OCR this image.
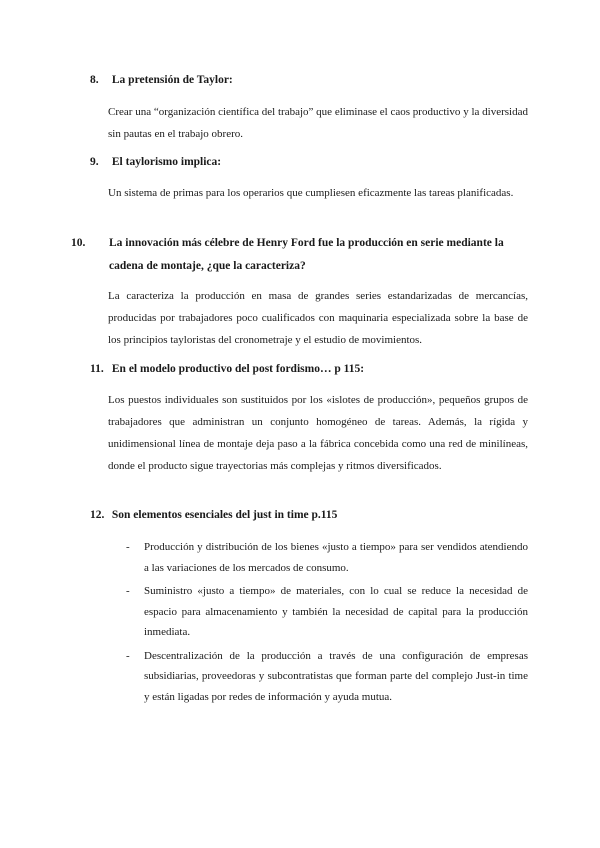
8. La pretensión de Taylor:

Crear una “organización científica del trabajo” que eliminase el caos productivo y la diversidad sin pautas en el trabajo obrero.

9. El taylorismo implica:

Un sistema de primas para los operarios que cumpliesen eficazmente las tareas planificadas.

10. La innovación más célebre de Henry Ford fue la producción en serie mediante la cadena de montaje, ¿que la caracteriza?

La caracteriza la producción en masa de grandes series estandarizadas de mercancías, producidas por trabajadores poco cualificados con maquinaria especializada sobre la base de los principios tayloristas del cronometraje y el estudio de movimientos.

11. En el modelo productivo del post fordismo… p 115:

Los puestos individuales son sustituidos por los «islotes de producción», pequeños grupos de trabajadores que administran un conjunto homogéneo de tareas. Además, la rígida y unidimensional línea de montaje deja paso a la fábrica concebida como una red de minilíneas, donde el producto sigue trayectorias más complejas y ritmos diversificados.

12. Son elementos esenciales del just in time p.115
- Producción y distribución de los bienes «justo a tiempo» para ser vendidos atendiendo a las variaciones de los mercados de consumo.
- Suministro «justo a tiempo» de materiales, con lo cual se reduce la necesidad de espacio para almacenamiento y también la necesidad de capital para la producción inmediata.
- Descentralización de la producción a través de una configuración de empresas subsidiarias, proveedoras y subcontratistas que forman parte del complejo Just-in time y están ligadas por redes de información y ayuda mutua.
